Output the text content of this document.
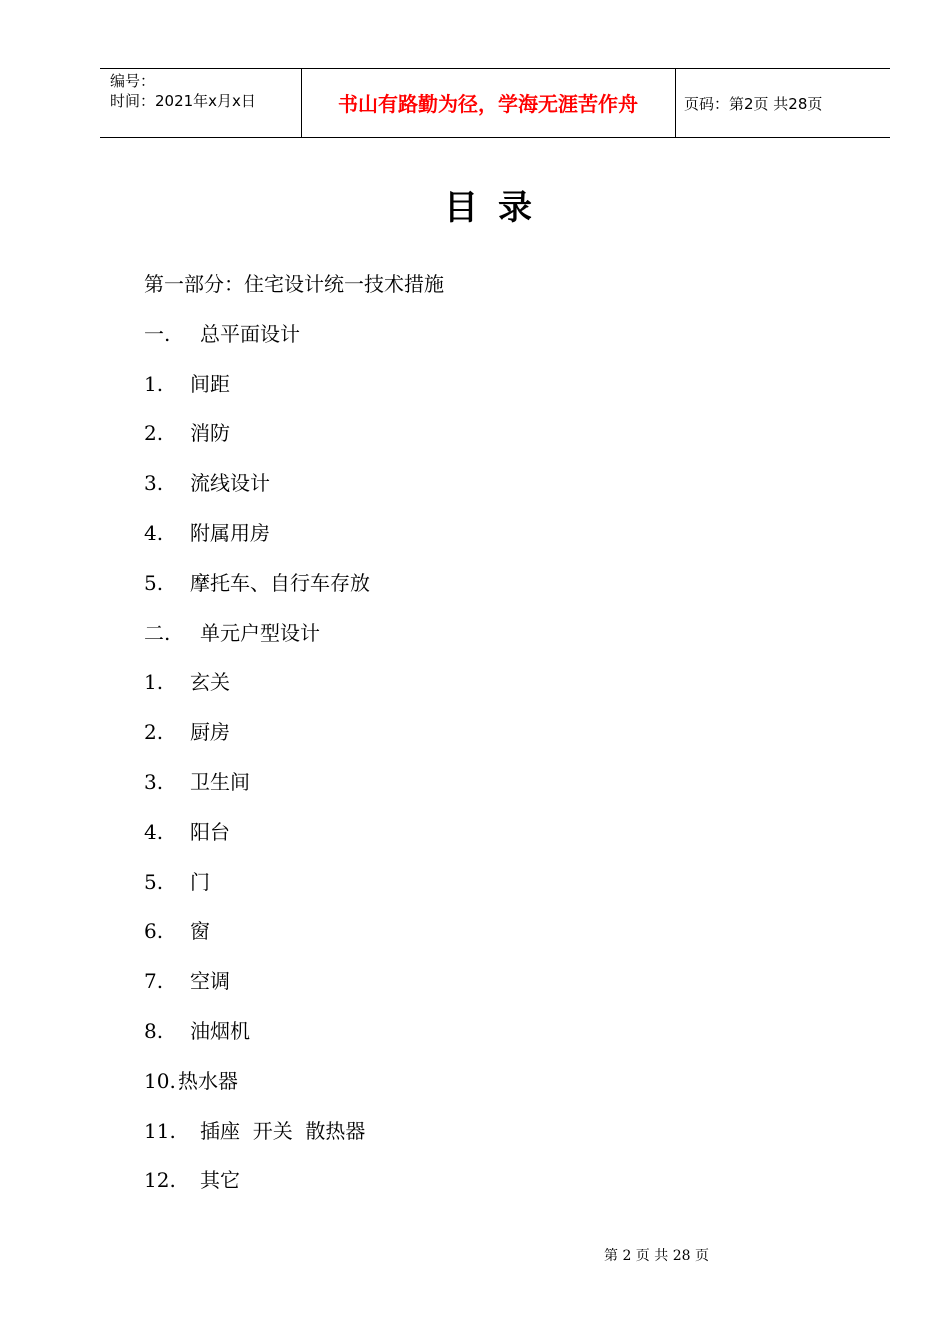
编号：
时间：2021年x月x日	书山有路勤为径，学海无涯苦作舟	页码：第2页 共28页
目录
第一部分：住宅设计统一技术措施
一. 总平面设计
1. 间距
2. 消防
3. 流线设计
4. 附属用房
5. 摩托车、自行车存放
二. 单元户型设计
1. 玄关
2. 厨房
3. 卫生间
4. 阳台
5. 门
6. 窗
7. 空调
8. 油烟机
10. 热水器
11. 插座  开关  散热器
12. 其它
第 2 页 共 28 页
